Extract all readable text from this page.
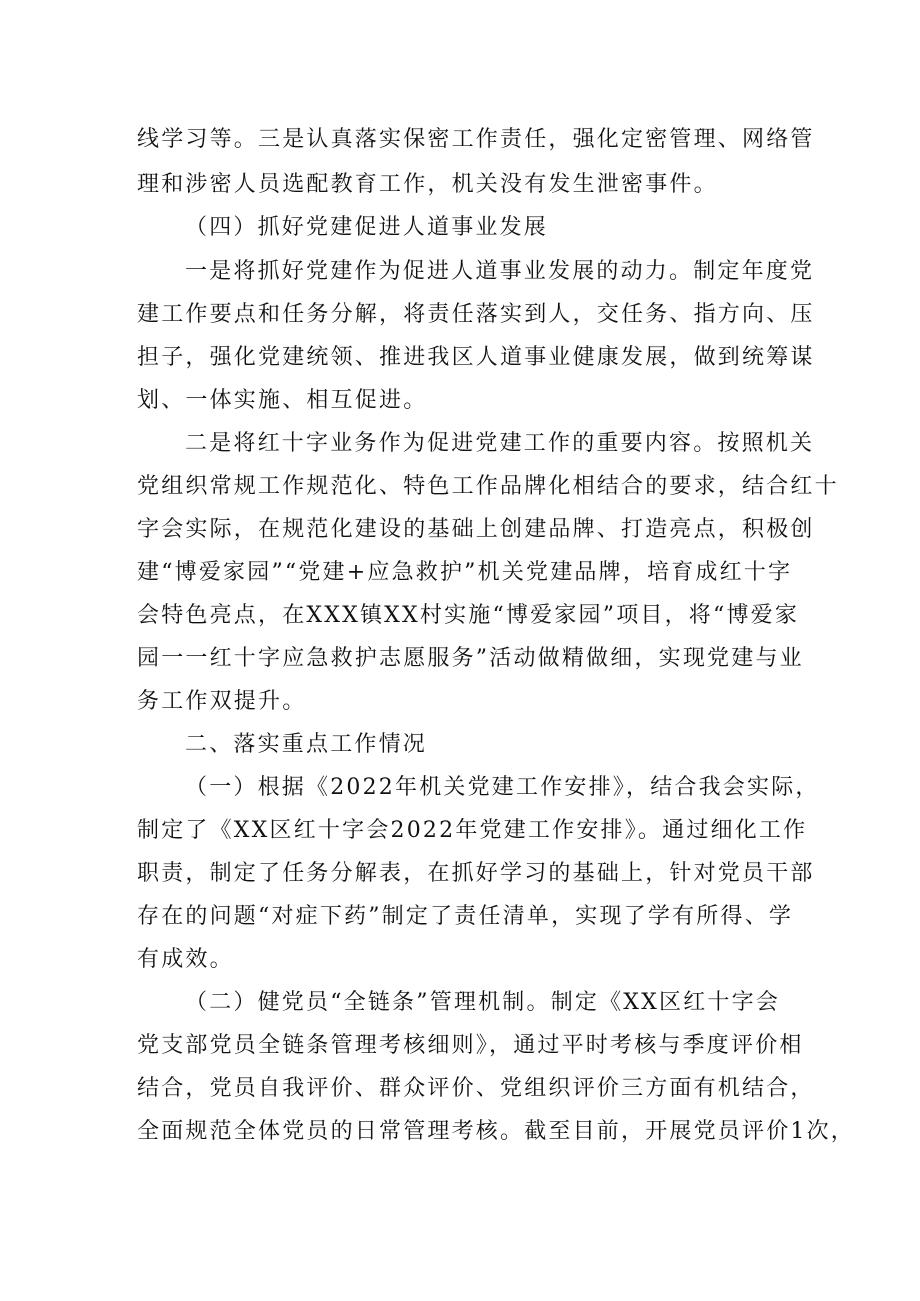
线学习等。三是认真落实保密工作责任，强化定密管理、网络管

理和涉密人员选配教育工作，机关没有发生泄密事件。

（四）抓好党建促进人道事业发展

一是将抓好党建作为促进人道事业发展的动力。制定年度党

建工作要点和任务分解，将责任落实到人，交任务、指方向、压

担子，强化党建统领、推进我区人道事业健康发展，做到统筹谋

划、一体实施、相互促进。

二是将红十字业务作为促进党建工作的重要内容。按照机关

党组织常规工作规范化、特色工作品牌化相结合的要求，结合红十

字会实际，在规范化建设的基础上创建品牌、打造亮点，积极创

建“博爱家园”“党建+应急救护”机关党建品牌，培育成红十字

会特色亮点，在XXX镇XX村实施“博爱家园”项目，将“博爱家

园一一红十字应急救护志愿服务”活动做精做细，实现党建与业

务工作双提升。

二、落实重点工作情况

（一）根据《2022年机关党建工作安排》，结合我会实际，

制定了《XX区红十字会2022年党建工作安排》。通过细化工作

职责，制定了任务分解表，在抓好学习的基础上，针对党员干部

存在的问题“对症下药”制定了责任清单，实现了学有所得、学

有成效。

（二）健党员“全链条”管理机制。制定《XX区红十字会

党支部党员全链条管理考核细则》，通过平时考核与季度评价相

结合，党员自我评价、群众评价、党组织评价三方面有机结合，

全面规范全体党员的日常管理考核。截至目前，开展党员评价1次，
